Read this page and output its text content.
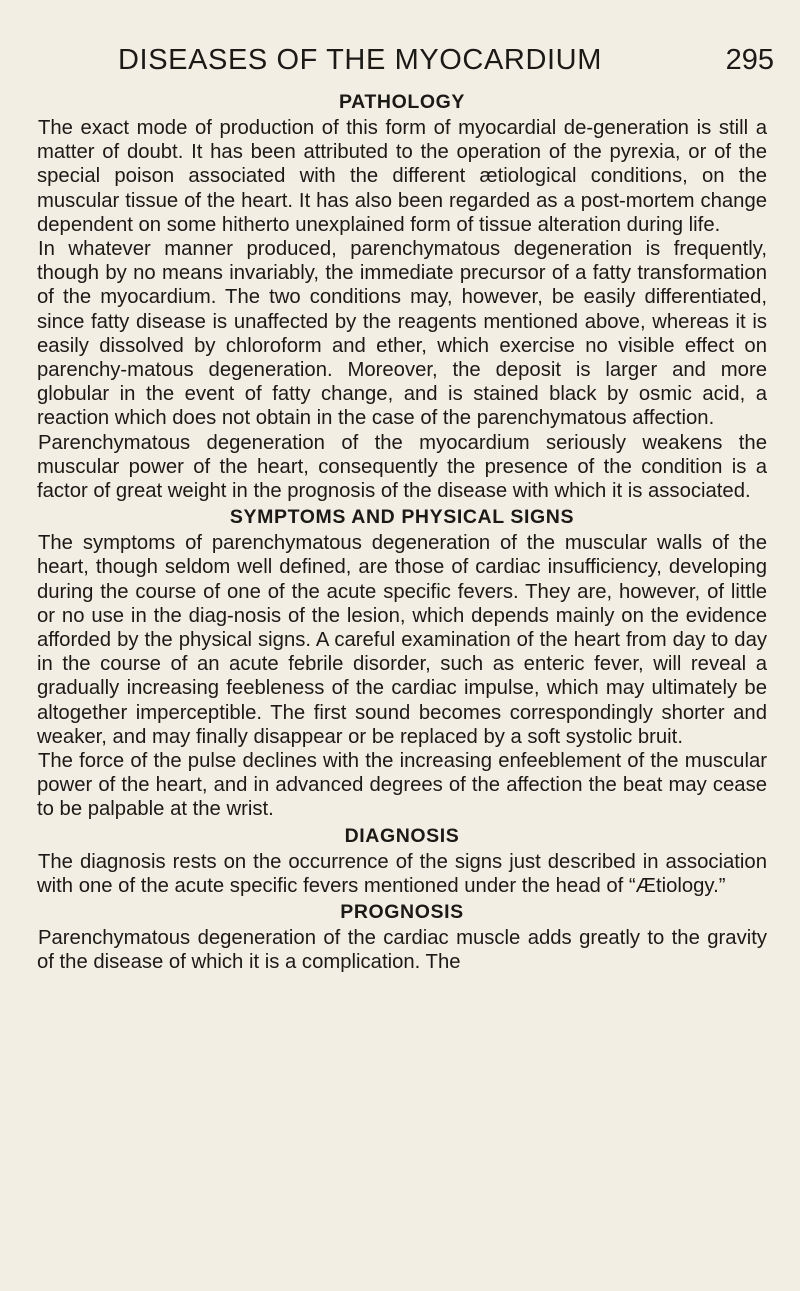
DISEASES OF THE MYOCARDIUM	295
PATHOLOGY

The exact mode of production of this form of myocardial de-generation is still a matter of doubt. It has been attributed to the operation of the pyrexia, or of the special poison associated with the different ætiological conditions, on the muscular tissue of the heart. It has also been regarded as a post-mortem change dependent on some hitherto unexplained form of tissue alteration during life.

In whatever manner produced, parenchymatous degeneration is frequently, though by no means invariably, the immediate precursor of a fatty transformation of the myocardium. The two conditions may, however, be easily differentiated, since fatty disease is unaffected by the reagents mentioned above, whereas it is easily dissolved by chloroform and ether, which exercise no visible effect on parenchy-matous degeneration. Moreover, the deposit is larger and more globular in the event of fatty change, and is stained black by osmic acid, a reaction which does not obtain in the case of the parenchymatous affection.

Parenchymatous degeneration of the myocardium seriously weakens the muscular power of the heart, consequently the presence of the condition is a factor of great weight in the prognosis of the disease with which it is associated.

SYMPTOMS AND PHYSICAL SIGNS

The symptoms of parenchymatous degeneration of the muscular walls of the heart, though seldom well defined, are those of cardiac insufficiency, developing during the course of one of the acute specific fevers. They are, however, of little or no use in the diag-nosis of the lesion, which depends mainly on the evidence afforded by the physical signs. A careful examination of the heart from day to day in the course of an acute febrile disorder, such as enteric fever, will reveal a gradually increasing feebleness of the cardiac impulse, which may ultimately be altogether imperceptible. The first sound becomes correspondingly shorter and weaker, and may finally disappear or be replaced by a soft systolic bruit.

The force of the pulse declines with the increasing enfeeblement of the muscular power of the heart, and in advanced degrees of the affection the beat may cease to be palpable at the wrist.

DIAGNOSIS

The diagnosis rests on the occurrence of the signs just described in association with one of the acute specific fevers mentioned under the head of “Ætiology.”

PROGNOSIS

Parenchymatous degeneration of the cardiac muscle adds greatly to the gravity of the disease of which it is a complication. The
